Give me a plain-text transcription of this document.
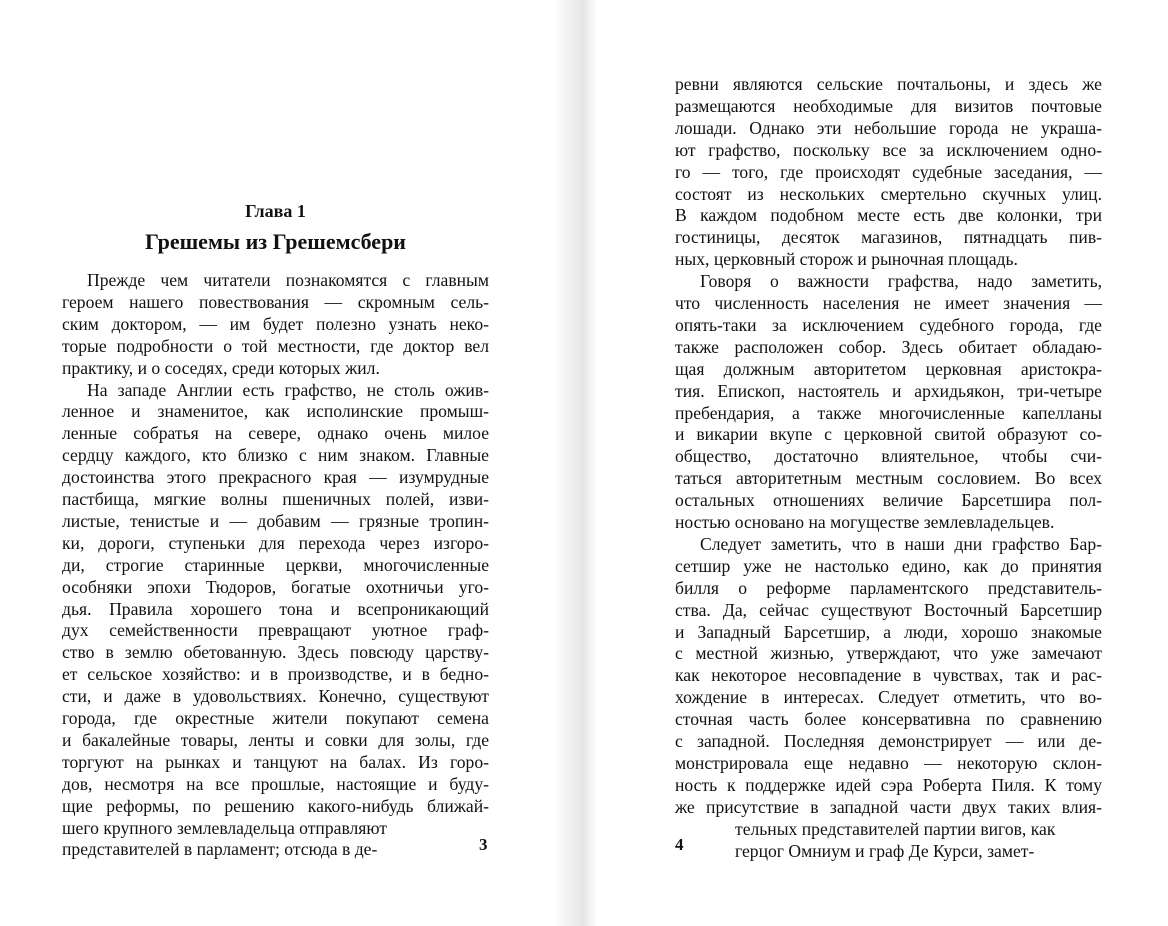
Глава 1
Грешемы из Грешемсбери
Прежде чем читатели познакомятся с главным
героем нашего повествования — скромным сель-
ским доктором, — им будет полезно узнать неко-
торые подробности о той местности, где доктор вел
практику, и о соседях, среди которых жил.
На западе Англии есть графство, не столь ожив-
ленное и знаменитое, как исполинские промыш-
ленные собратья на севере, однако очень милое
сердцу каждого, кто близко с ним знаком. Главные
достоинства этого прекрасного края — изумрудные
пастбища, мягкие волны пшеничных полей, изви-
листые, тенистые и — добавим — грязные тропин-
ки, дороги, ступеньки для перехода через изгоро-
ди, строгие старинные церкви, многочисленные
особняки эпохи Тюдоров, богатые охотничьи уго-
дья. Правила хорошего тона и всепроникающий
дух семейственности превращают уютное граф-
ство в землю обетованную. Здесь повсюду царству-
ет сельское хозяйство: и в производстве, и в бедно-
сти, и даже в удовольствиях. Конечно, существуют
города, где окрестные жители покупают семена
и бакалейные товары, ленты и совки для золы, где
торгуют на рынках и танцуют на балах. Из горо-
дов, несмотря на все прошлые, настоящие и буду-
щие реформы, по решению какого-нибудь ближай-
шего крупного землевладельца отправляют
представителей в парламент; отсюда в де-
ревни являются сельские почтальоны, и здесь же
размещаются необходимые для визитов почтовые
лошади. Однако эти небольшие города не украша-
ют графство, поскольку все за исключением одно-
го — того, где происходят судебные заседания, —
состоят из нескольких смертельно скучных улиц.
В каждом подобном месте есть две колонки, три
гостиницы, десяток магазинов, пятнадцать пив-
ных, церковный сторож и рыночная площадь.
Говоря о важности графства, надо заметить,
что численность населения не имеет значения —
опять-таки за исключением судебного города, где
также расположен собор. Здесь обитает обладаю-
щая должным авторитетом церковная аристокра-
тия. Епископ, настоятель и архидьякон, три-четыре
пребендария, а также многочисленные капелланы
и викарии вкупе с церковной свитой образуют со-
общество, достаточно влиятельное, чтобы счи-
таться авторитетным местным сословием. Во всех
остальных отношениях величие Барсетшира пол-
ностью основано на могуществе землевладельцев.
Следует заметить, что в наши дни графство Бар-
сетшир уже не настолько едино, как до принятия
билля о реформе парламентского представитель-
ства. Да, сейчас существуют Восточный Барсетшир
и Западный Барсетшир, а люди, хорошо знакомые
с местной жизнью, утверждают, что уже замечают
как некоторое несовпадение в чувствах, так и рас-
хождение в интересах. Следует отметить, что во-
сточная часть более консервативна по сравнению
с западной. Последняя демонстрирует — или де-
монстрировала еще недавно — некоторую склон-
ность к поддержке идей сэра Роберта Пиля. К тому
же присутствие в западной части двух таких влия-
тельных представителей партии вигов, как
герцог Омниум и граф Де Курси, замет-
3	4
